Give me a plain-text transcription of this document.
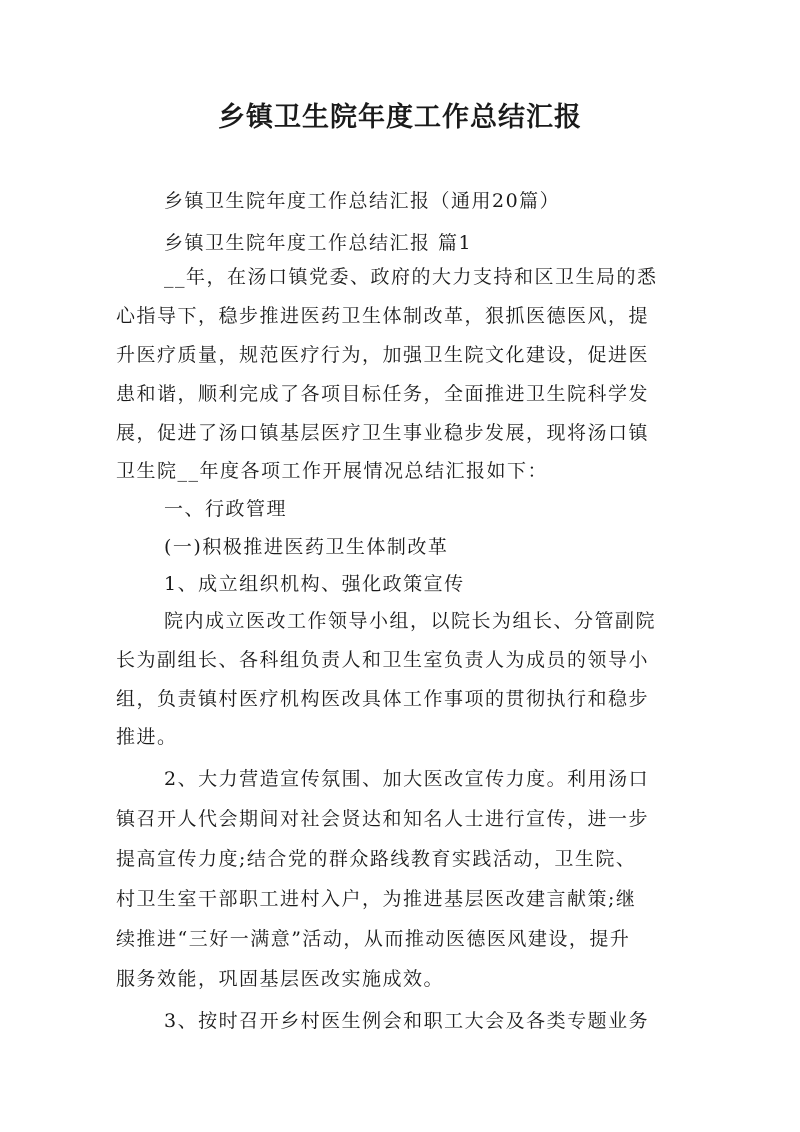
乡镇卫生院年度工作总结汇报

乡镇卫生院年度工作总结汇报（通用20篇）

乡镇卫生院年度工作总结汇报 篇1

__年，在汤口镇党委、政府的大力支持和区卫生局的悉

心指导下，稳步推进医药卫生体制改革，狠抓医德医风，提

升医疗质量，规范医疗行为，加强卫生院文化建设，促进医

患和谐，顺利完成了各项目标任务，全面推进卫生院科学发

展，促进了汤口镇基层医疗卫生事业稳步发展，现将汤口镇

卫生院__年度各项工作开展情况总结汇报如下：

一、行政管理

(一)积极推进医药卫生体制改革

1、成立组织机构、强化政策宣传

院内成立医改工作领导小组，以院长为组长、分管副院

长为副组长、各科组负责人和卫生室负责人为成员的领导小

组，负责镇村医疗机构医改具体工作事项的贯彻执行和稳步

推进。

2、大力营造宣传氛围、加大医改宣传力度。利用汤口

镇召开人代会期间对社会贤达和知名人士进行宣传，进一步

提高宣传力度;结合党的群众路线教育实践活动，卫生院、

村卫生室干部职工进村入户，为推进基层医改建言献策;继

续推进“三好一满意”活动，从而推动医德医风建设，提升

服务效能，巩固基层医改实施成效。

3、按时召开乡村医生例会和职工大会及各类专题业务
